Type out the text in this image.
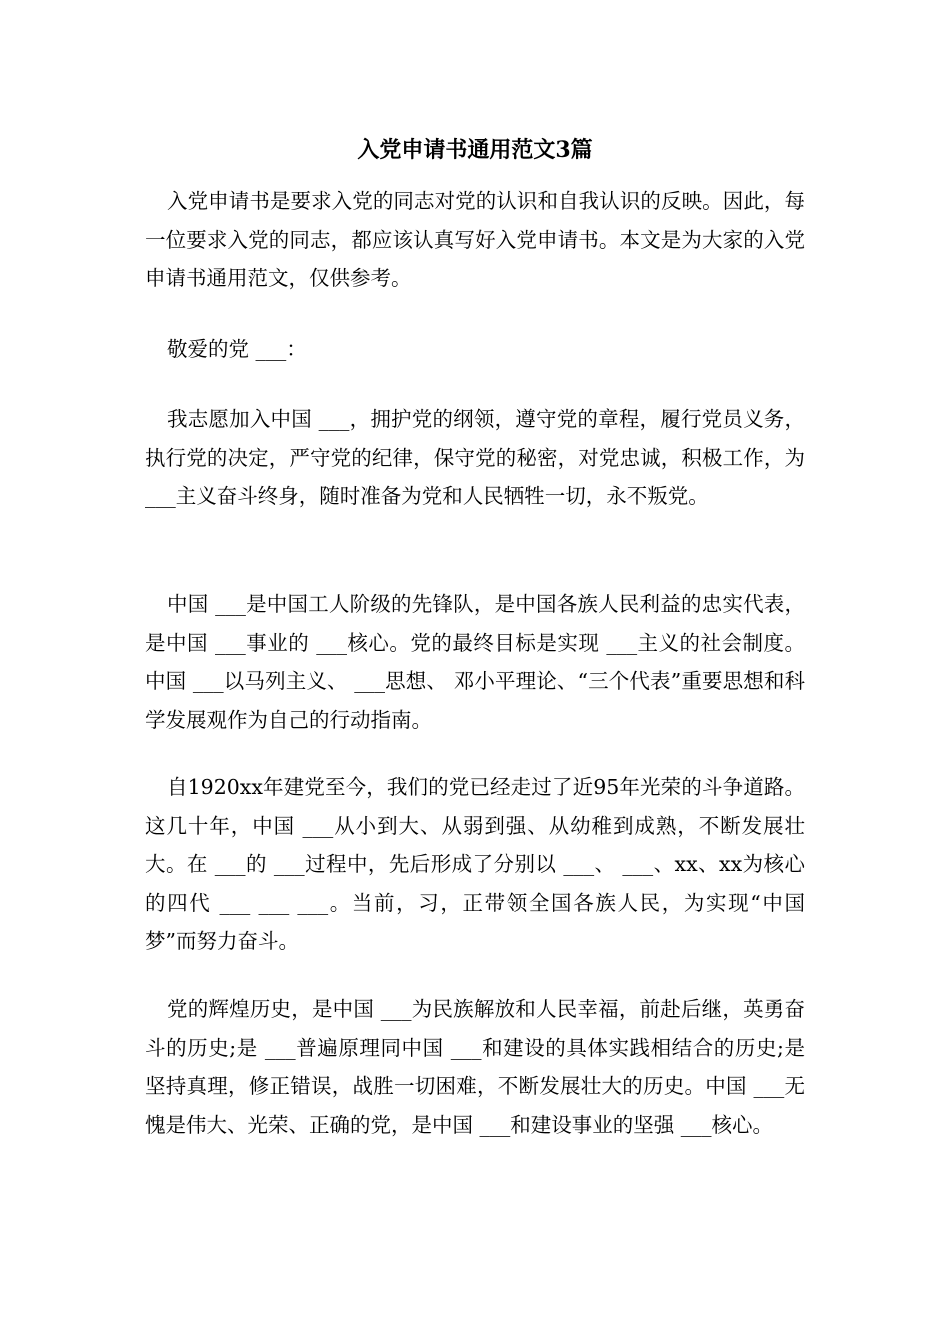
入党申请书通用范文3篇

入党申请书是要求入党的同志对党的认识和自我认识的反映。因此，每一位要求入党的同志，都应该认真写好入党申请书。本文是为大家的入党申请书通用范文，仅供参考。

敬爱的党 ___：

我志愿加入中国 ___，拥护党的纲领，遵守党的章程，履行党员义务，执行党的决定，严守党的纪律，保守党的秘密，对党忠诚，积极工作，为 ___主义奋斗终身，随时准备为党和人民牺牲一切，永不叛党。

中国 ___是中国工人阶级的先锋队，是中国各族人民利益的忠实代表，是中国 ___事业的 ___核心。党的最终目标是实现 ___主义的社会制度。中国 ___以马列主义、 ___思想、 邓小平理论、“三个代表”重要思想和科学发展观作为自己的行动指南。

自1920xx年建党至今，我们的党已经走过了近95年光荣的斗争道路。这几十年，中国 ___从小到大、从弱到强、从幼稚到成熟，不断发展壮大。在 ___的 ___过程中，先后形成了分别以 ___、 ___、xx、xx为核心的四代 ___ ___ ___。当前，习，正带领全国各族人民，为实现“中国梦”而努力奋斗。

党的辉煌历史，是中国 ___为民族解放和人民幸福，前赴后继，英勇奋斗的历史;是 ___普遍原理同中国 ___和建设的具体实践相结合的历史;是坚持真理，修正错误，战胜一切困难，不断发展壮大的历史。中国 ___无愧是伟大、光荣、正确的党，是中国 ___和建设事业的坚强 ___核心。
